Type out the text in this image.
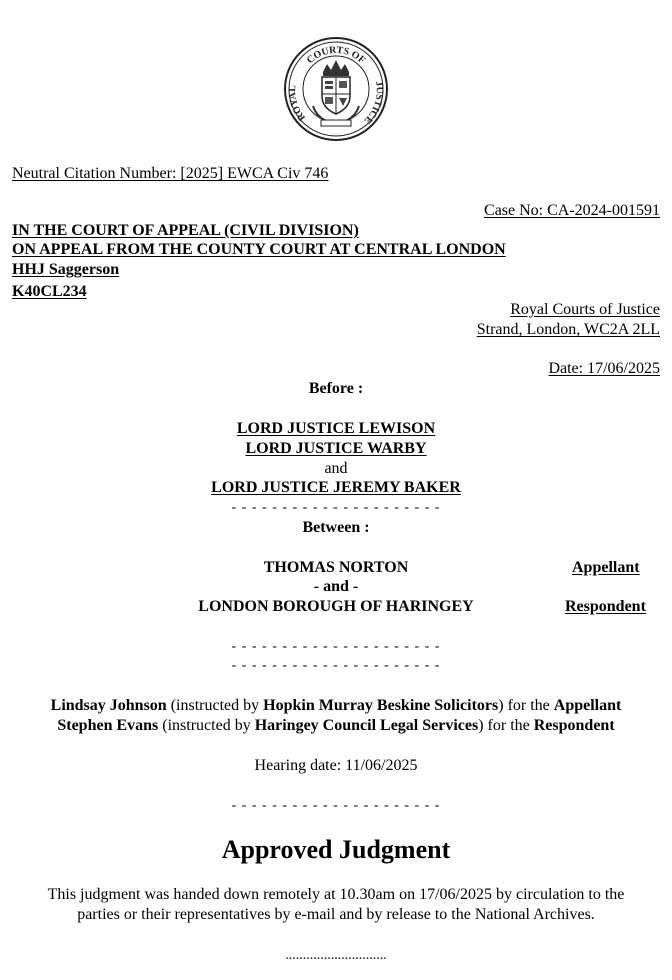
COURTS OF
ROYAL
JUSTICE
Neutral Citation Number: [2025] EWCA Civ 746
Case No: CA-2024-001591
IN THE COURT OF APPEAL (CIVIL DIVISION)
ON APPEAL FROM THE COUNTY COURT AT CENTRAL LONDON
HHJ Saggerson
K40CL234
Royal Courts of Justice
Strand, London, WC2A 2LL
Date: 17/06/2025
Before :
LORD JUSTICE LEWISON
LORD JUSTICE WARBY
and
LORD JUSTICE JEREMY BAKER
- - - - - - - - - - - - - - - - - - - - -
Between :
THOMAS NORTON	Appellant
- and -
LONDON BOROUGH OF HARINGEY	Respondent
- - - - - - - - - - - - - - - - - - - - -
- - - - - - - - - - - - - - - - - - - - -
Lindsay Johnson (instructed by Hopkin Murray Beskine Solicitors) for the Appellant
Stephen Evans (instructed by Haringey Council Legal Services) for the Respondent
Hearing date: 11/06/2025
- - - - - - - - - - - - - - - - - - - - -
Approved Judgment
This judgment was handed down remotely at 10.30am on 17/06/2025 by circulation to the
parties or their representatives by e-mail and by release to the National Archives.
.............................
